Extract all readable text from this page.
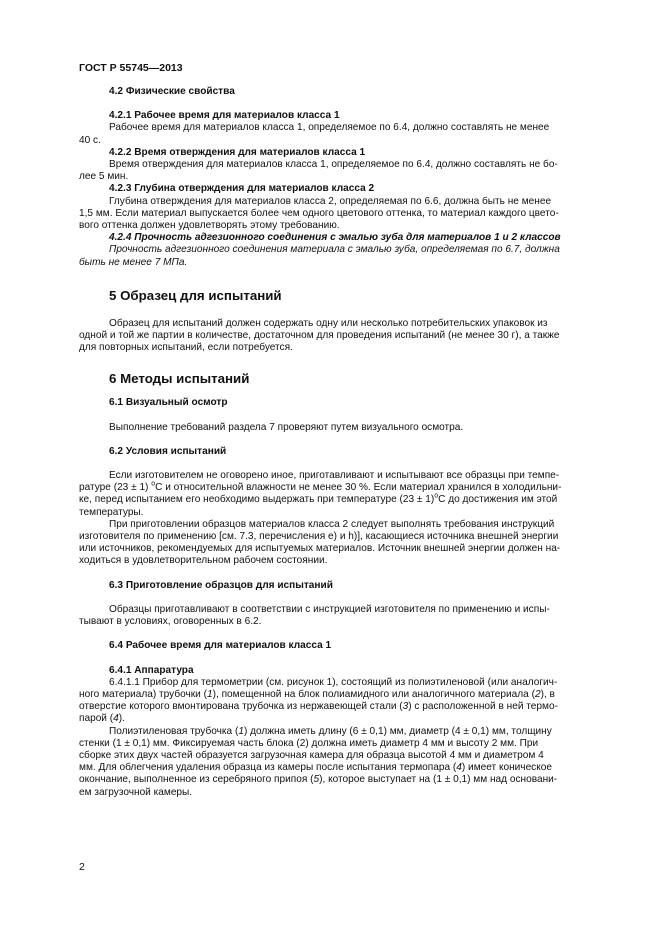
ГОСТ Р 55745—2013

4.2 Физические свойства

4.2.1 Рабочее время для материалов класса 1

Рабочее время для материалов класса 1, определяемое по 6.4, должно составлять не менее

40 с.

4.2.2 Время отверждения для материалов класса 1

Время отверждения для материалов класса 1, определяемое по 6.4, должно составлять не бо-

лее 5 мин.

4.2.3 Глубина отверждения для материалов класса 2

Глубина отверждения для материалов класса 2, определяемая по 6.6, должна быть не менее

1,5 мм. Если материал выпускается более чем одного цветового оттенка, то материал каждого цвето-

вого оттенка должен удовлетворять этому требованию.

4.2.4 Прочность адгезионного соединения с эмалью зуба для материалов 1 и 2 классов

Прочность адгезионного соединения материала с эмалью зуба, определяемая по 6.7, должна

быть не менее 7 МПа.

5 Образец для испытаний

Образец для испытаний должен содержать одну или несколько потребительских упаковок из

одной и той же партии в количестве, достаточном для проведения испытаний (не менее 30 г), а также

для повторных испытаний, если потребуется.

6 Методы испытаний

6.1 Визуальный осмотр

Выполнение требований раздела 7 проверяют путем визуального осмотра.

6.2 Условия испытаний

Если изготовителем не оговорено иное, приготавливают и испытывают все образцы при темпе-

ратуре (23 ± 1) $^о$С и относительной влажности не менее 30 %. Если материал хранился в холодильни-

ке, перед испытанием его необходимо выдержать при температуре $(23 \pm 1)^оС$ до достижения им этой

температуры.

При приготовлении образцов материалов класса 2 следует выполнять требования инструкций

изготовителя по применению [см. 7.3, перечисления е) и h)], касающиеся источника внешней энергии

или источников, рекомендуемых для испытуемых материалов. Источник внешней энергии должен на-

ходиться в удовлетворительном рабочем состоянии.

6.3 Приготовление образцов для испытаний

Образцы приготавливают в соответствии с инструкцией изготовителя по применению и испы-

тывают в условиях, оговоренных в 6.2.

6.4 Рабочее время для материалов класса 1

6.4.1 Аппаратура

6.4.1.1 Прибор для термометрии (см. рисунок 1), состоящий из полиэтиленовой (или аналогич-

ного материала) трубочки (1), помещенной на блок полиамидного или аналогичного материала (2), в

отверстие которого вмонтирована трубочка из нержавеющей стали (3) с расположенной в ней термо-

парой (4).

Полиэтиленовая трубочка (1) должна иметь длину (6 ± 0,1) мм, диаметр (4 ± 0,1) мм, толщину

стенки (1 ± 0,1) мм. Фиксируемая часть блока (2) должна иметь диаметр 4 мм и высоту 2 мм. При

сборке этих двух частей образуется загрузочная камера для образца высотой 4 мм и диаметром 4

мм. Для облегчения удаления образца из камеры после испытания термопара (4) имеет коническое

окончание, выполненное из серебряного припоя (5), которое выступает на (1 ± 0,1) мм над основани-

ем загрузочной камеры.

2
